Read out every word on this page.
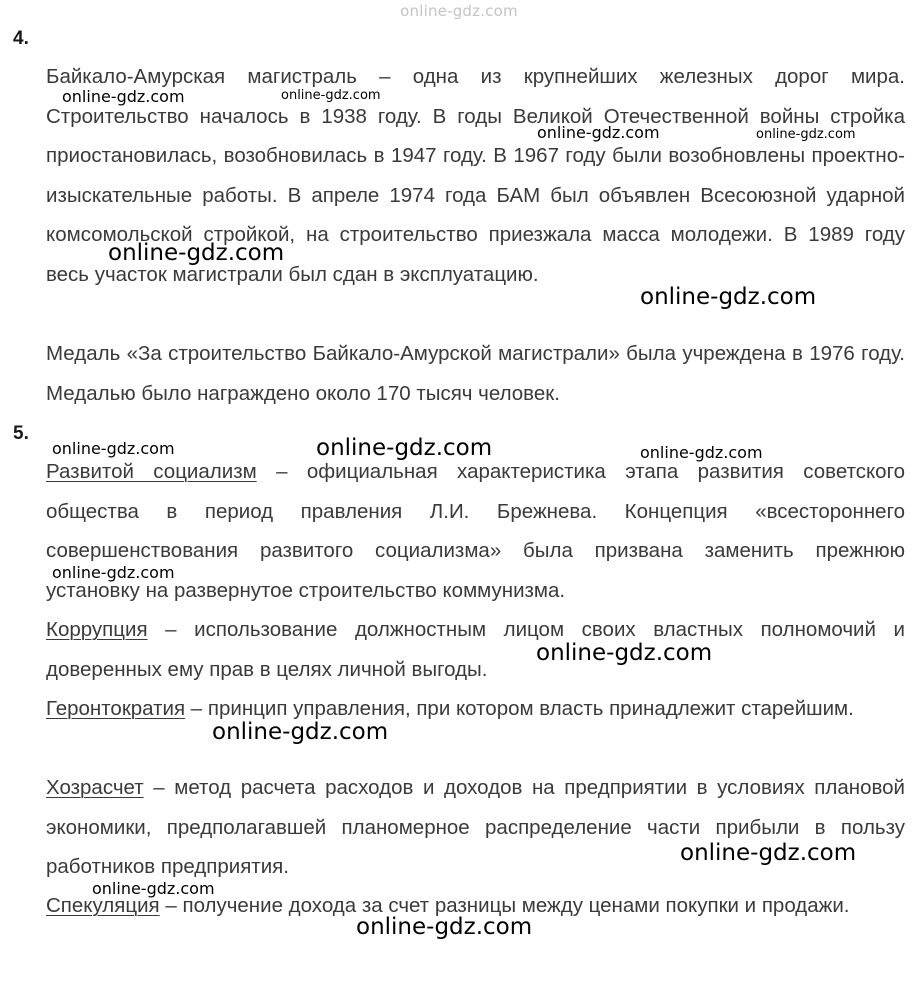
online-gdz.com
4.

Байкало-Амурская магистраль – одна из крупнейших железных дорог мира. Строительство началось в 1938 году. В годы Великой Отечественной войны стройка приостановилась, возобновилась в 1947 году. В 1967 году были возобновлены проектно-изыскательные работы. В апреле 1974 года БАМ был объявлен Всесоюзной ударной комсомольской стройкой, на строительство приезжала масса молодежи. В 1989 году весь участок магистрали был сдан в эксплуатацию.

Медаль «За строительство Байкало-Амурской магистрали» была учреждена в 1976 году. Медалью было награждено около 170 тысяч человек.

5.

Развитой социализм – официальная характеристика этапа развития советского общества в период правления Л.И. Брежнева. Концепция «всестороннего совершенствования развитого социализма» была призвана заменить прежнюю установку на развернутое строительство коммунизма.

Коррупция – использование должностным лицом своих властных полномочий и доверенных ему прав в целях личной выгоды.

Геронтократия – принцип управления, при котором власть принадлежит старейшим.

Хозрасчет – метод расчета расходов и доходов на предприятии в условиях плановой экономики, предполагавшей планомерное распределение части прибыли в пользу работников предприятия.

Спекуляция – получение дохода за счет разницы между ценами покупки и продажи.

online-gdz.com	online-gdz.com
online-gdz.com	online-gdz.com
online-gdz.com
online-gdz.com
online-gdz.com	online-gdz.com	online-gdz.com
online-gdz.com
online-gdz.com
online-gdz.com
online-gdz.com
online-gdz.com
online-gdz.com
